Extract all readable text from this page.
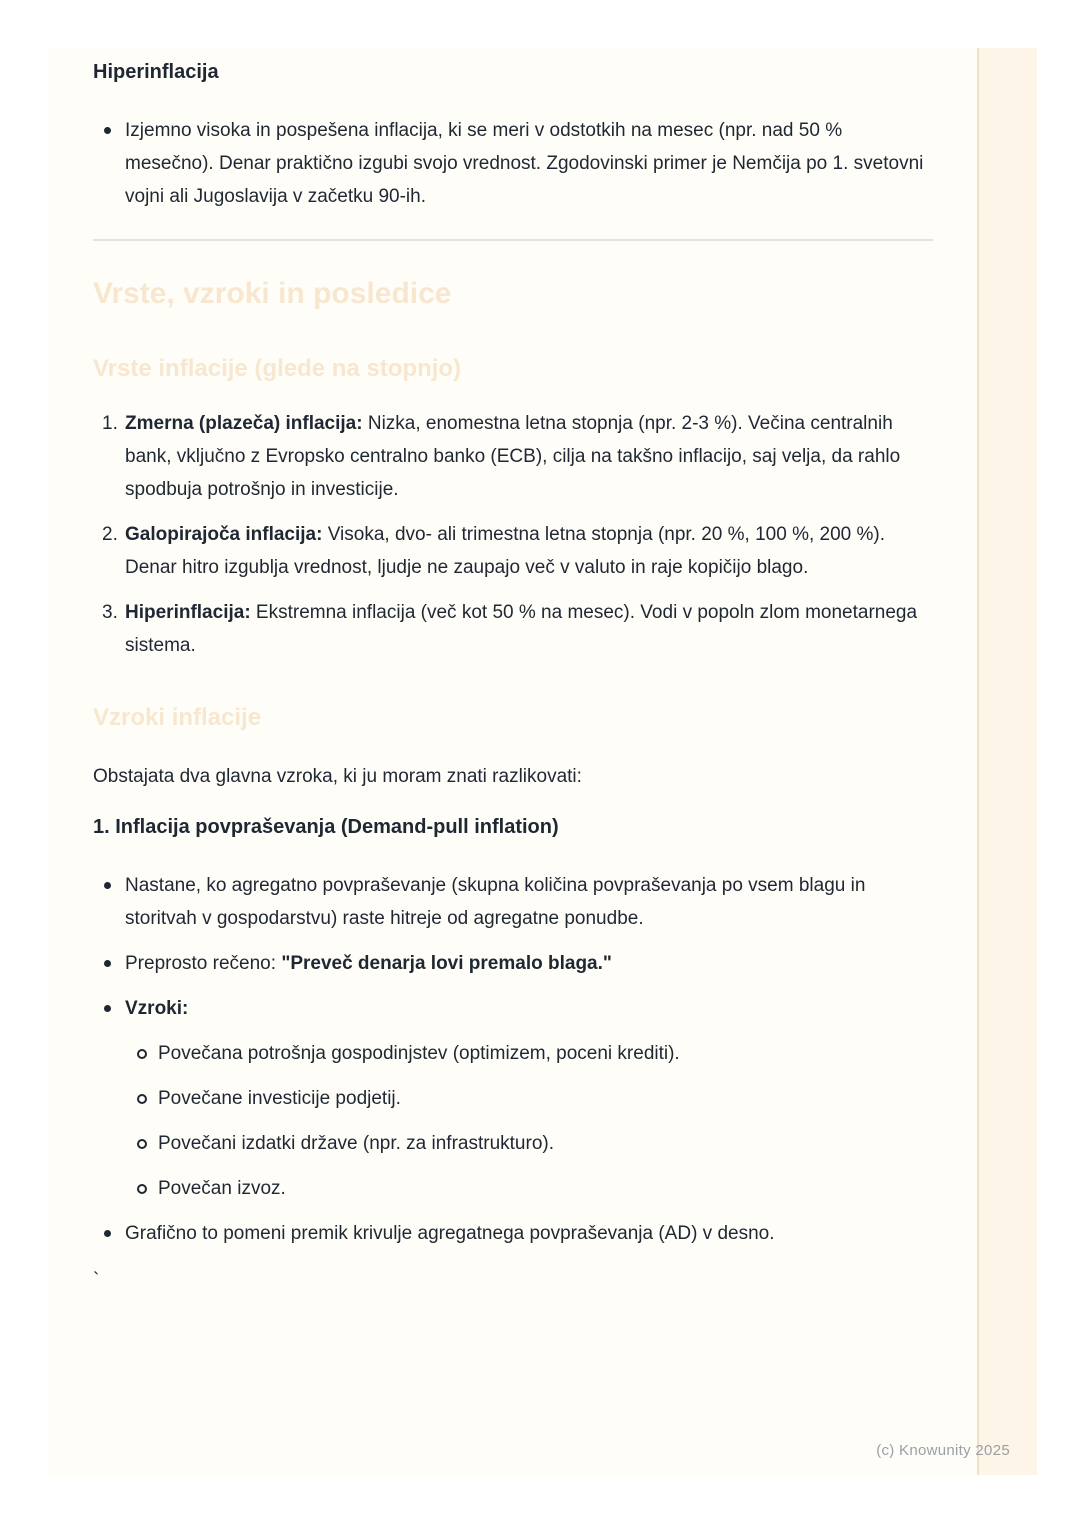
Hiperinflacija
Izjemno visoka in pospešena inflacija, ki se meri v odstotkih na mesec (npr. nad 50 % mesečno). Denar praktično izgubi svojo vrednost. Zgodovinski primer je Nemčija po 1. svetovni vojni ali Jugoslavija v začetku 90-ih.
Vrste, vzroki in posledice
Vrste inflacije (glede na stopnjo)
1. Zmerna (plazeča) inflacija: Nizka, enomestna letna stopnja (npr. 2-3 %). Večina centralnih bank, vključno z Evropsko centralno banko (ECB), cilja na takšno inflacijo, saj velja, da rahlo spodbuja potrošnjo in investicije.
2. Galopirajoča inflacija: Visoka, dvo- ali trimestna letna stopnja (npr. 20 %, 100 %, 200 %). Denar hitro izgublja vrednost, ljudje ne zaupajo več v valuto in raje kopičijo blago.
3. Hiperinflacija: Ekstremna inflacija (več kot 50 % na mesec). Vodi v popoln zlom monetarnega sistema.
Vzroki inflacije

Obstajata dva glavna vzroka, ki ju moram znati razlikovati:

1. Inflacija povpraševanja (Demand-pull inflation)
Nastane, ko agregatno povpraševanje (skupna količina povpraševanja po vsem blagu in storitvah v gospodarstvu) raste hitreje od agregatne ponudbe.
Preprosto rečeno: "Preveč denarja lovi premalo blaga."
Vzroki:
Povečana potrošnja gospodinjstev (optimizem, poceni krediti).
Povečane investicije podjetij.
Povečani izdatki države (npr. za infrastrukturo).
Povečan izvoz.
Grafično to pomeni premik krivulje agregatnega povpraševanja (AD) v desno.

`

(c) Knowunity 2025
